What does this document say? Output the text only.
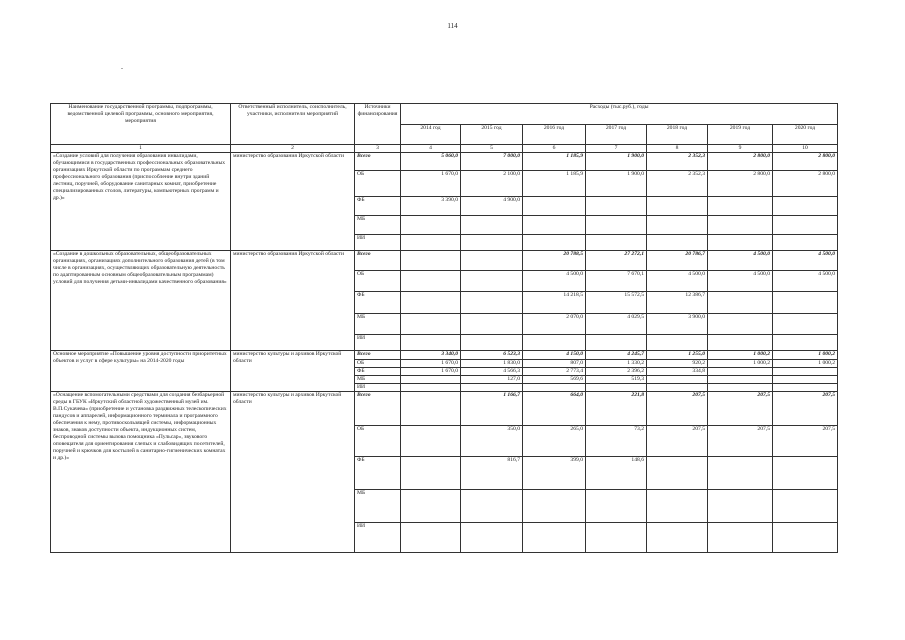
114
-
Наименование государственной программы, подпрограммы, ведомственной целевой программы, основного мероприятия, мероприятия	Ответственный исполнитель, соисполнитель, участники, исполнители мероприятий	Источники финансирования	Расходы (тыс.руб.), годы						
			2014 год	2015 год	2016 год	2017 год	2018 год	2019 год	2020 год
1	2	3	4	5	6	7	8	9	10
«Создание условий для получения образования инвалидами, обучающимися в государственных профессиональных образовательных организациях Иркутской области по программам среднего профессионального образования (приспособление внутри зданий лестниц, поручней, оборудование санитарных комнат, приобретение специализированных столов, литературы, компьютерных программ и др.)»	министерство образования Иркутской области	Всего	5 060,0	7 000,0	1 185,9	1 900,0	2 352,3	2 800,0	2 800,0
		ОБ	1 670,0	2 100,0	1 185,9	1 900,0	2 352,3	2 800,0	2 800,0
		ФБ	3 390,0	4 900,0					
		МБ							
		ИИ							
«Создание в дошкольных образовательных, общеобразовательных организациях, организациях дополнительного образования детей (в том числе в организациях, осуществляющих образовательную деятельность по адаптированным основным общеобразовательным программам) условий для получения детьми-инвалидами качественного образования»	министерство образования Иркутской области	Всего			20 788,5	27 272,1	20 786,7	4 500,0	4 500,0
		ОБ			4 500,0	7 670,1	4 500,0	4 500,0	4 500,0
		ФБ			14 218,5	15 572,5	12 386,7		
		МБ			2 070,0	4 029,5	3 900,0		
		ИИ							
Основное мероприятие «Повышение уровня доступности приоритетных объектов и услуг в сфере культуры» на 2014-2020 годы	министерство культуры и архивов Иркутской области	Всего	3 340,0	6 523,3	4 150,0	4 245,7	1 255,0	1 000,2	1 000,2
		ОБ	1 670,0	1 830,0	807,0	1 330,2	920,2	1 000,2	1 000,2
		ФБ	1 670,0	4 566,3	2 773,4	2 396,2	334,8		
		МБ		127,0	569,6	519,3			
		ИИ							
«Оснащение вспомогательными средствами для создания безбарьерной среды в ГБУК «Иркутский областной художественный музей им. В.П.Сукачева» (приобретение и установка раздвижных телескопических пандусов и аппарелей, информационного терминала и программного обеспечения к нему, противоскользящей системы, информационных знаков, знаков доступности объекта, индукционных систем, беспроводной системы вызова помощника «Пульсар», звукового оповещателя для ориентирования слепых и слабовидящих посетителей, поручней и крючков для костылей в санитарно-гигиенических комнатах и др.)»	министерство культуры и архивов Иркутской области	Всего		1 166,7	664,0	221,8	207,5	207,5	207,5
		ОБ		350,0	265,0	73,2	207,5	207,5	207,5
		ФБ		816,7	399,0	148,6			
		МБ							
		ИИ							
